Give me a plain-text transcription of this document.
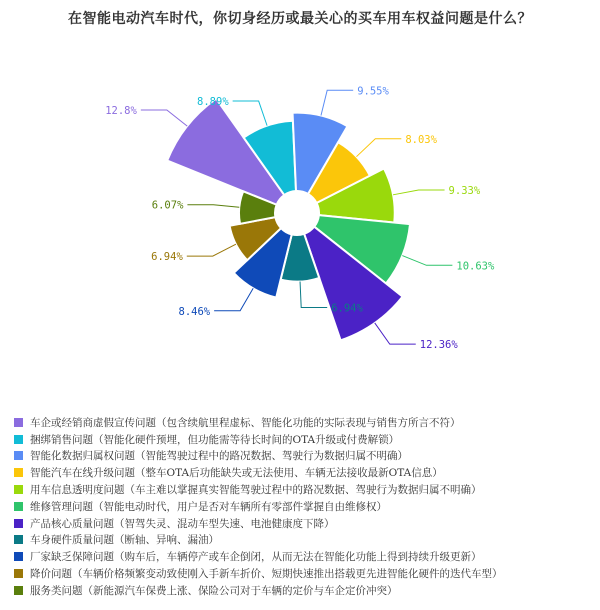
在智能电动汽车时代，你切身经历或最关心的买车用车权益问题是什么？
12.8%
8.89%
9.55%
8.03%
9.33%
10.63%
12.36%
6.94%
8.46%
6.94%
6.07%
车企或经销商虚假宣传问题（包含续航里程虚标、智能化功能的实际表现与销售方所言不符）
捆绑销售问题（智能化硬件预埋，但功能需等待长时间的OTA升级或付费解锁）
智能化数据归属权问题（智能驾驶过程中的路况数据、驾驶行为数据归属不明确）
智能汽车在线升级问题（整车OTA后功能缺失或无法使用、车辆无法接收最新OTA信息）
用车信息透明度问题（车主难以掌握真实智能驾驶过程中的路况数据、驾驶行为数据归属不明确）
维修管理问题（智能电动时代，用户是否对车辆所有零部件掌握自由维修权）
产品核心质量问题（智驾失灵、混动车型失速、电池健康度下降）
车身硬件质量问题（断轴、异响、漏油）
厂家缺乏保障问题（购车后，车辆停产或车企倒闭，从而无法在智能化功能上得到持续升级更新）
降价问题（车辆价格频繁变动致使刚入手新车折价、短期快速推出搭载更先进智能化硬件的迭代车型）
服务类问题（新能源汽车保费上涨、保险公司对于车辆的定价与车企定价冲突）
